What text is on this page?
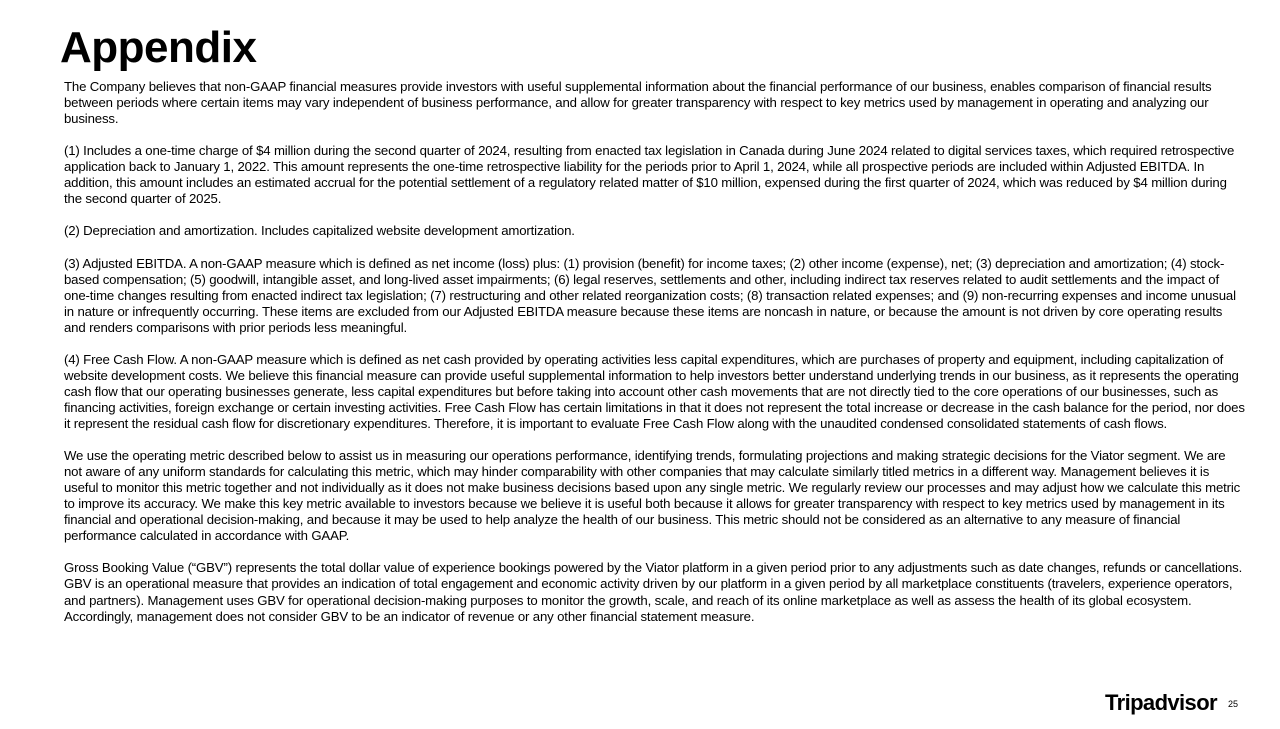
Appendix

The Company believes that non-GAAP financial measures provide investors with useful supplemental information about the financial performance of our business, enables comparison of financial results between periods where certain items may vary independent of business performance, and allow for greater transparency with respect to key metrics used by management in operating and analyzing our business.

(1) Includes a one-time charge of $4 million during the second quarter of 2024, resulting from enacted tax legislation in Canada during June 2024 related to digital services taxes, which required retrospective application back to January 1, 2022. This amount represents the one-time retrospective liability for the periods prior to April 1, 2024, while all prospective periods are included within Adjusted EBITDA. In addition, this amount includes an estimated accrual for the potential settlement of a regulatory related matter of $10 million, expensed during the first quarter of 2024, which was reduced by $4 million during the second quarter of 2025.

(2) Depreciation and amortization. Includes capitalized website development amortization.

(3) Adjusted EBITDA. A non-GAAP measure which is defined as net income (loss) plus: (1) provision (benefit) for income taxes; (2) other income (expense), net; (3) depreciation and amortization; (4) stock-based compensation; (5) goodwill, intangible asset, and long-lived asset impairments; (6) legal reserves, settlements and other, including indirect tax reserves related to audit settlements and the impact of one-time changes resulting from enacted indirect tax legislation; (7) restructuring and other related reorganization costs; (8) transaction related expenses; and (9) non-recurring expenses and income unusual in nature or infrequently occurring. These items are excluded from our Adjusted EBITDA measure because these items are noncash in nature, or because the amount is not driven by core operating results and renders comparisons with prior periods less meaningful.

(4) Free Cash Flow. A non-GAAP measure which is defined as net cash provided by operating activities less capital expenditures, which are purchases of property and equipment, including capitalization of website development costs. We believe this financial measure can provide useful supplemental information to help investors better understand underlying trends in our business, as it represents the operating cash flow that our operating businesses generate, less capital expenditures but before taking into account other cash movements that are not directly tied to the core operations of our businesses, such as financing activities, foreign exchange or certain investing activities. Free Cash Flow has certain limitations in that it does not represent the total increase or decrease in the cash balance for the period, nor does it represent the residual cash flow for discretionary expenditures. Therefore, it is important to evaluate Free Cash Flow along with the unaudited condensed consolidated statements of cash flows.

We use the operating metric described below to assist us in measuring our operations performance, identifying trends, formulating projections and making strategic decisions for the Viator segment. We are not aware of any uniform standards for calculating this metric, which may hinder comparability with other companies that may calculate similarly titled metrics in a different way. Management believes it is useful to monitor this metric together and not individually as it does not make business decisions based upon any single metric. We regularly review our processes and may adjust how we calculate this metric to improve its accuracy. We make this key metric available to investors because we believe it is useful both because it allows for greater transparency with respect to key metrics used by management in its financial and operational decision-making, and because it may be used to help analyze the health of our business. This metric should not be considered as an alternative to any measure of financial performance calculated in accordance with GAAP.

Gross Booking Value (“GBV”) represents the total dollar value of experience bookings powered by the Viator platform in a given period prior to any adjustments such as date changes, refunds or cancellations. GBV is an operational measure that provides an indication of total engagement and economic activity driven by our platform in a given period by all marketplace constituents (travelers, experience operators, and partners). Management uses GBV for operational decision-making purposes to monitor the growth, scale, and reach of its online marketplace as well as assess the health of its global ecosystem. Accordingly, management does not consider GBV to be an indicator of revenue or any other financial statement measure.

Tripadvisor 25
